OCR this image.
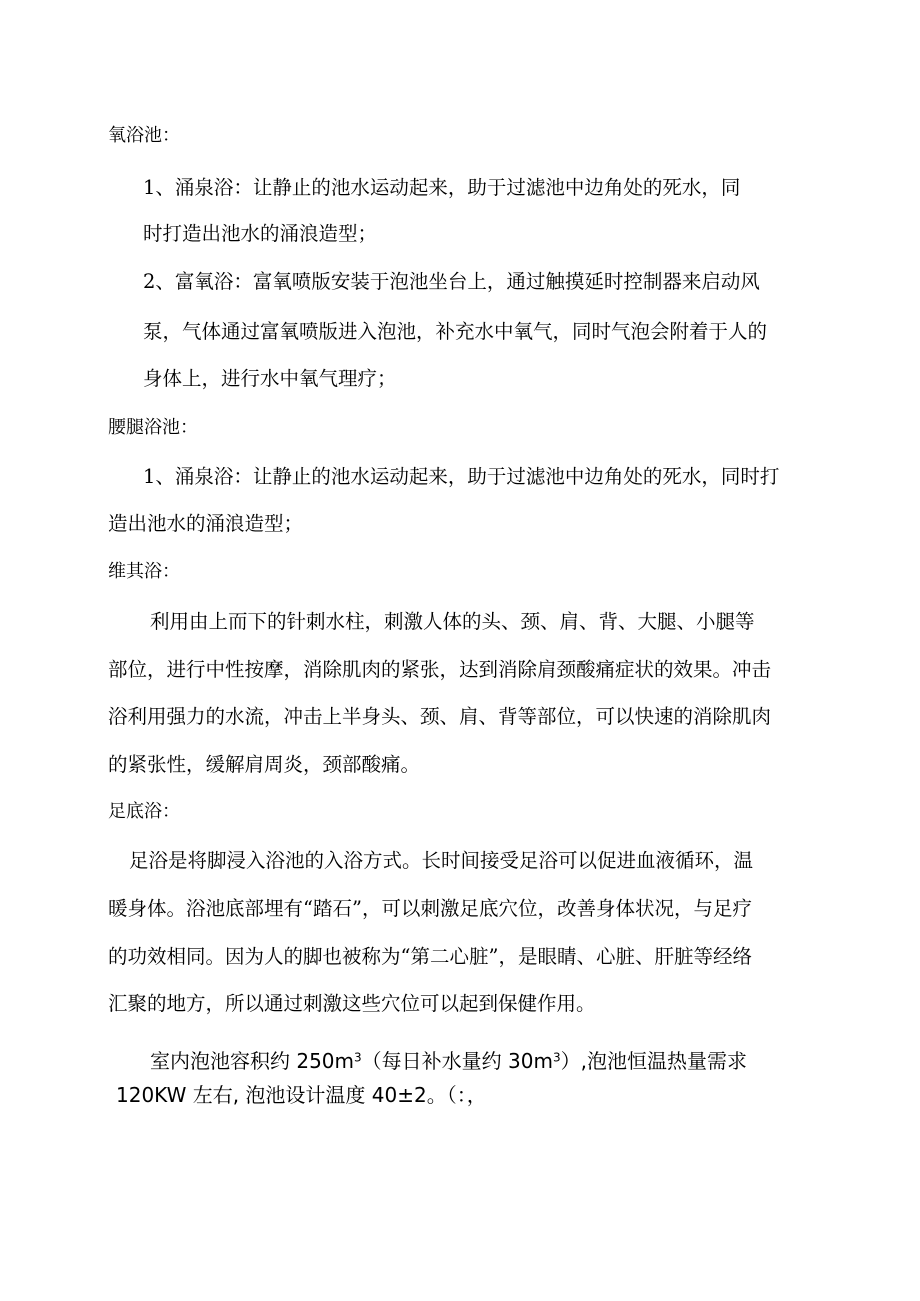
氧浴池：
1、涌泉浴：让静止的池水运动起来，助于过滤池中边角处的死水，同
时打造出池水的涌浪造型；
2、富氧浴：富氧喷版安装于泡池坐台上，通过触摸延时控制器来启动风
泵，气体通过富氧喷版进入泡池，补充水中氧气，同时气泡会附着于人的
身体上，进行水中氧气理疗；
腰腿浴池：
1、涌泉浴：让静止的池水运动起来，助于过滤池中边角处的死水，同时打
造出池水的涌浪造型；
维其浴：
利用由上而下的针刺水柱，刺激人体的头、颈、肩、背、大腿、小腿等
部位，进行中性按摩，消除肌肉的紧张，达到消除肩颈酸痛症状的效果。冲击
浴利用强力的水流，冲击上半身头、颈、肩、背等部位，可以快速的消除肌肉
的紧张性，缓解肩周炎，颈部酸痛。
足底浴：
足浴是将脚浸入浴池的入浴方式。长时间接受足浴可以促进血液循环，温
暖身体。浴池底部埋有“踏石”，可以刺激足底穴位，改善身体状况，与足疗
的功效相同。因为人的脚也被称为“第二心脏”，是眼睛、心脏、肝脏等经络
汇聚的地方，所以通过刺激这些穴位可以起到保健作用。
室内泡池容积约 $250m^3$（每日补水量约 $30m^3$）,泡池恒温热量需求
120KW 左右, 泡池设计温度 40±2。（：，
